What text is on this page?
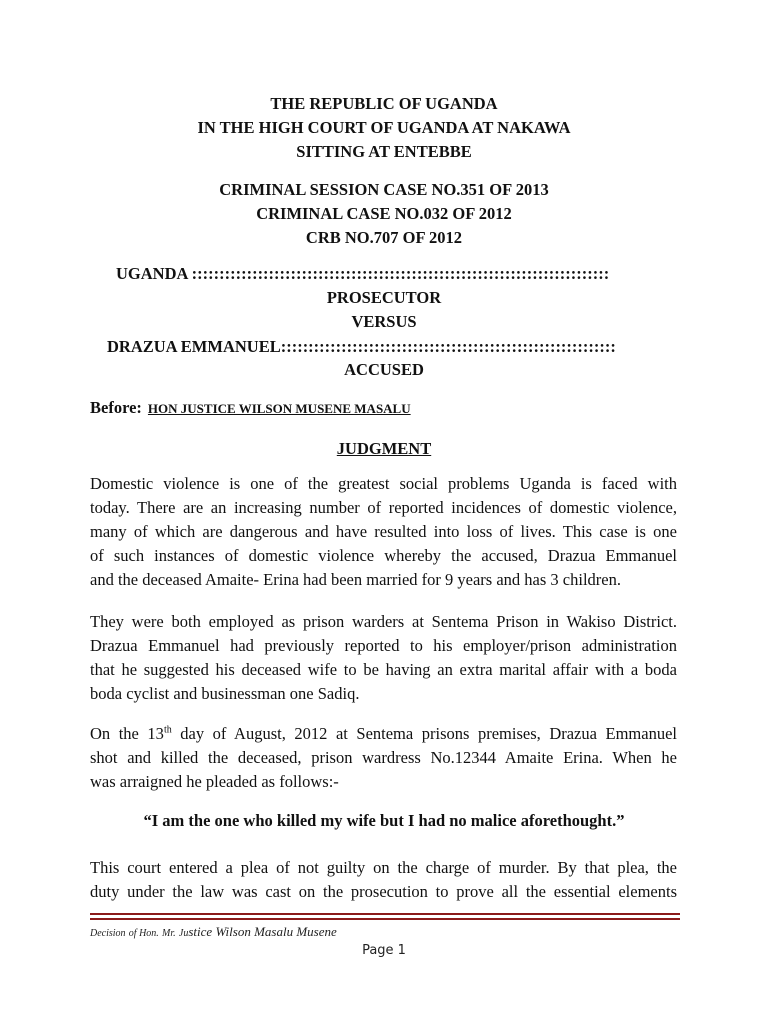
THE REPUBLIC OF UGANDA
IN THE HIGH COURT OF UGANDA AT NAKAWA
SITTING AT ENTEBBE
CRIMINAL SESSION CASE NO.351 OF 2013
CRIMINAL CASE NO.032 OF 2012
CRB NO.707 OF 2012
UGANDA ::::::::::::::::::::::::::::::::::::::::::::::::::::::::::::::::::::::::::::
PROSECUTOR
VERSUS
DRAZUA EMMANUEL:::::::::::::::::::::::::::::::::::::::::::::::::::::::::::::
ACCUSED
Before: HON JUSTICE WILSON MUSENE MASALU
JUDGMENT
Domestic violence is one of the greatest social problems Uganda is faced with
today. There are an increasing number of reported incidences of domestic violence,
many of which are dangerous and have resulted into loss of lives. This case is one
of such instances of domestic violence whereby the accused, Drazua Emmanuel
and the deceased Amaite- Erina had been married for 9 years and has 3 children.
They were both employed as prison warders at Sentema Prison in Wakiso District.
Drazua Emmanuel had previously reported to his employer/prison administration
that he suggested his deceased wife to be having an extra marital affair with a boda
boda cyclist and businessman one Sadiq.
On the 13th day of August, 2012 at Sentema prisons premises, Drazua Emmanuel
shot and killed the deceased, prison wardress No.12344 Amaite Erina. When he
was arraigned he pleaded as follows:-
“I am the one who killed my wife but I had no malice aforethought.”
This court entered a plea of not guilty on the charge of murder. By that plea, the
duty under the law was cast on the prosecution to prove all the essential elements
Decision of Hon. Mr. Justice Wilson Masalu Musene
Page 1
